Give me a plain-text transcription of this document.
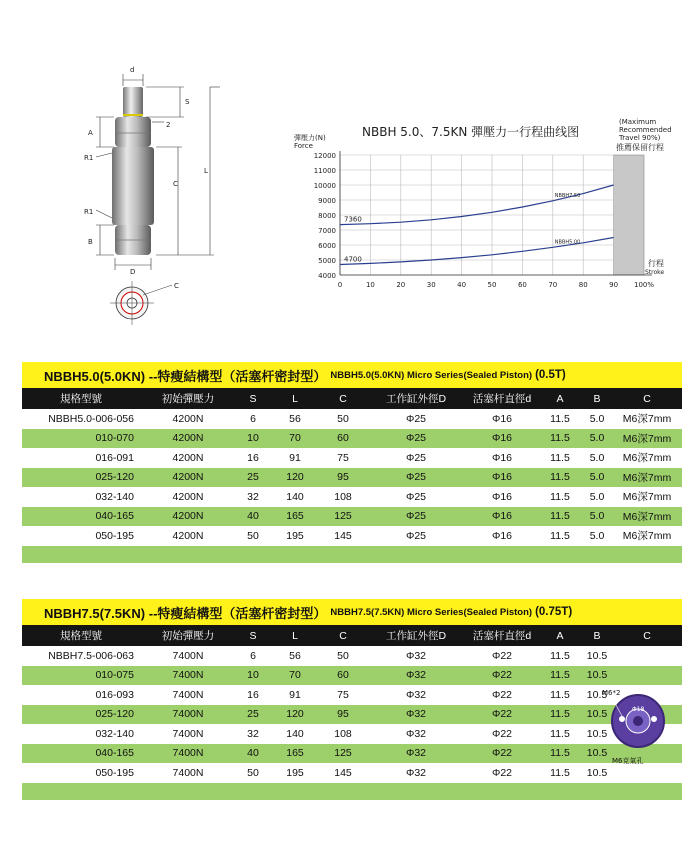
d
S
2
A
R1
C
L
R1
B
D
C
NBBH 5.0、7.5KN 彈壓力一行程曲线图
彈壓力(N)
Force
行程
Stroke
(Maximum
Recommended
Travel 90%)
推薦保留行程
4000
5000
6000
7000
8000
9000
10000
11000
12000
0	10	20	30	40	50	60	70	80	90 100%
NBBH7.50
7360
NBBH5.00
4700
NBBH5.0(5.0KN) --特瘦結構型（活塞杆密封型） NBBH5.0(5.0KN) Micro Series(Sealed Piston) (0.5T)
規格型號	初始彈壓力	S	L	C	工作缸外徑D	活塞杆直徑d	A	B	C
NBBH5.0-006-056	4200N	6	56	50	Φ25	Φ16	11.5	5.0	M6深7mm
010-070	4200N	10	70	60	Φ25	Φ16	11.5	5.0	M6深7mm
016-091	4200N	16	91	75	Φ25	Φ16	11.5	5.0	M6深7mm
025-120	4200N	25	120	95	Φ25	Φ16	11.5	5.0	M6深7mm
032-140	4200N	32	140	108	Φ25	Φ16	11.5	5.0	M6深7mm
040-165	4200N	40	165	125	Φ25	Φ16	11.5	5.0	M6深7mm
050-195	4200N	50	195	145	Φ25	Φ16	11.5	5.0	M6深7mm
NBBH7.5(7.5KN) --特瘦結構型（活塞杆密封型） NBBH7.5(7.5KN) Micro Series(Sealed Piston) (0.75T)
規格型號	初始彈壓力	S	L	C	工作缸外徑D	活塞杆直徑d	A	B	C
NBBH7.5-006-063	7400N	6	56	50	Φ32	Φ22	11.5	10.5
010-075	7400N	10	70	60	Φ32	Φ22	11.5	10.5
016-093	7400N	16	91	75	Φ32	Φ22	11.5	10.5
025-120	7400N	25	120	95	Φ32	Φ22	11.5	10.5
032-140	7400N	32	140	108	Φ32	Φ22	11.5	10.5
040-165	7400N	40	165	125	Φ32	Φ22	11.5	10.5
050-195	7400N	50	195	145	Φ32	Φ22	11.5	10.5
M6*2
Φ18
M6克氣孔
